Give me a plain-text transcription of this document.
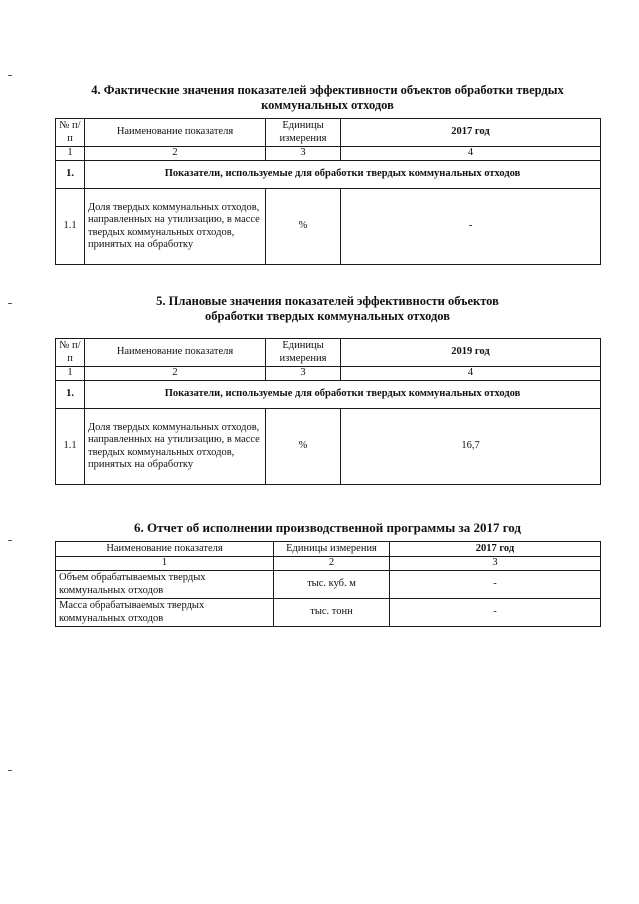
4. Фактические значения показателей эффективности объектов обработки твердых
коммунальных отходов
№ п/п	Наименование показателя	Единицы измерения	2017 год
1	2	3	4
1.	Показатели, используемые для обработки твердых коммунальных отходов		
1.1	Доля твердых коммунальных отходов, направленных на утилизацию, в массе твердых коммунальных отходов, принятых на обработку	%	-
5. Плановые значения показателей эффективности объектов
обработки твердых коммунальных отходов
№ п/п	Наименование показателя	Единицы измерения	2019 год
1	2	3	4
1.	Показатели, используемые для обработки твердых коммунальных отходов		
1.1	Доля твердых коммунальных отходов, направленных на утилизацию, в массе твердых коммунальных отходов, принятых на обработку	%	16,7
6. Отчет об исполнении производственной программы за 2017 год
Наименование показателя	Единицы измерения	2017 год
1	2	3
Объем обрабатываемых твердых коммунальных отходов	тыс. куб. м	-
Масса обрабатываемых твердых коммунальных отходов	тыс. тонн	-
